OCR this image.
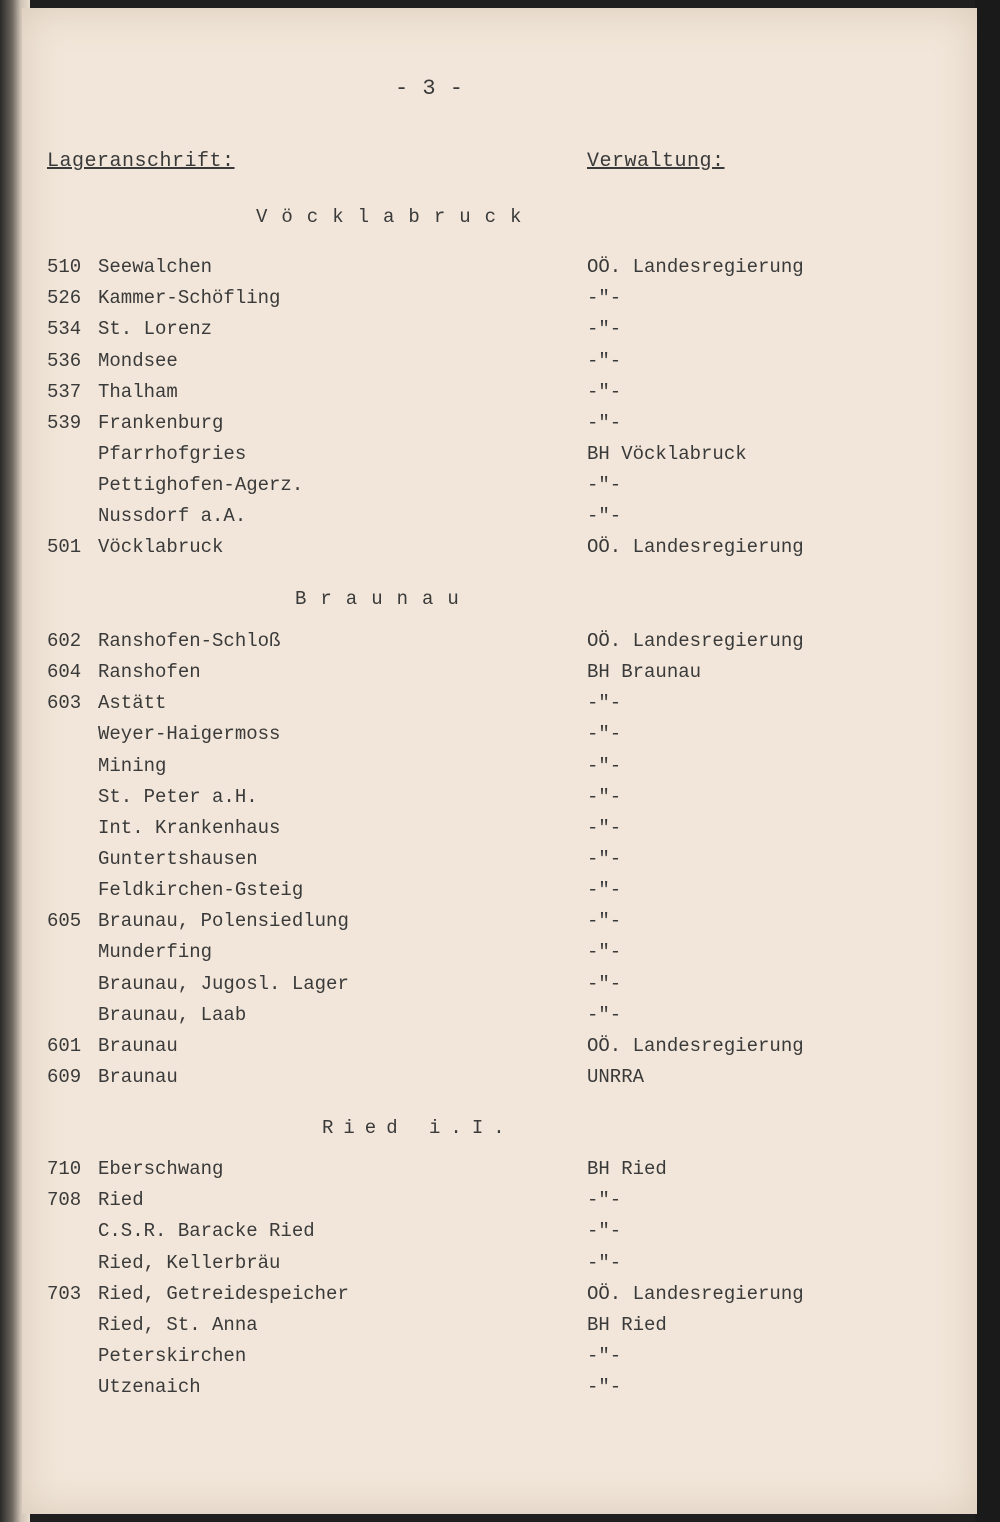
- 3 -
Lageranschrift:	Verwaltung:
Vöcklabruck
510 Seewalchen	OÖ. Landesregierung
526 Kammer-Schöfling	-"-
534 St. Lorenz	-"-
536 Mondsee	-"-
537 Thalham	-"-
539 Frankenburg	-"-
Pfarrhofgries	BH Vöcklabruck
Pettighofen-Agerz.	-"-
Nussdorf a.A.	-"-
501 Vöcklabruck	OÖ. Landesregierung
Braunau
602 Ranshofen-Schloß	OÖ. Landesregierung
604 Ranshofen	BH Braunau
603 Astätt	-"-
Weyer-Haigermoss	-"-
Mining	-"-
St. Peter a.H.	-"-
Int. Krankenhaus	-"-
Guntertshausen	-"-
Feldkirchen-Gsteig	-"-
605 Braunau, Polensiedlung	-"-
Munderfing	-"-
Braunau, Jugosl. Lager	-"-
Braunau, Laab	-"-
601 Braunau	OÖ. Landesregierung
609 Braunau	UNRRA
Ried i.I.
710 Eberschwang	BH Ried
708 Ried	-"-
C.S.R. Baracke Ried	-"-
Ried, Kellerbräu	-"-
703 Ried, Getreidespeicher	OÖ. Landesregierung
Ried, St. Anna	BH Ried
Peterskirchen	-"-
Utzenaich	-"-
